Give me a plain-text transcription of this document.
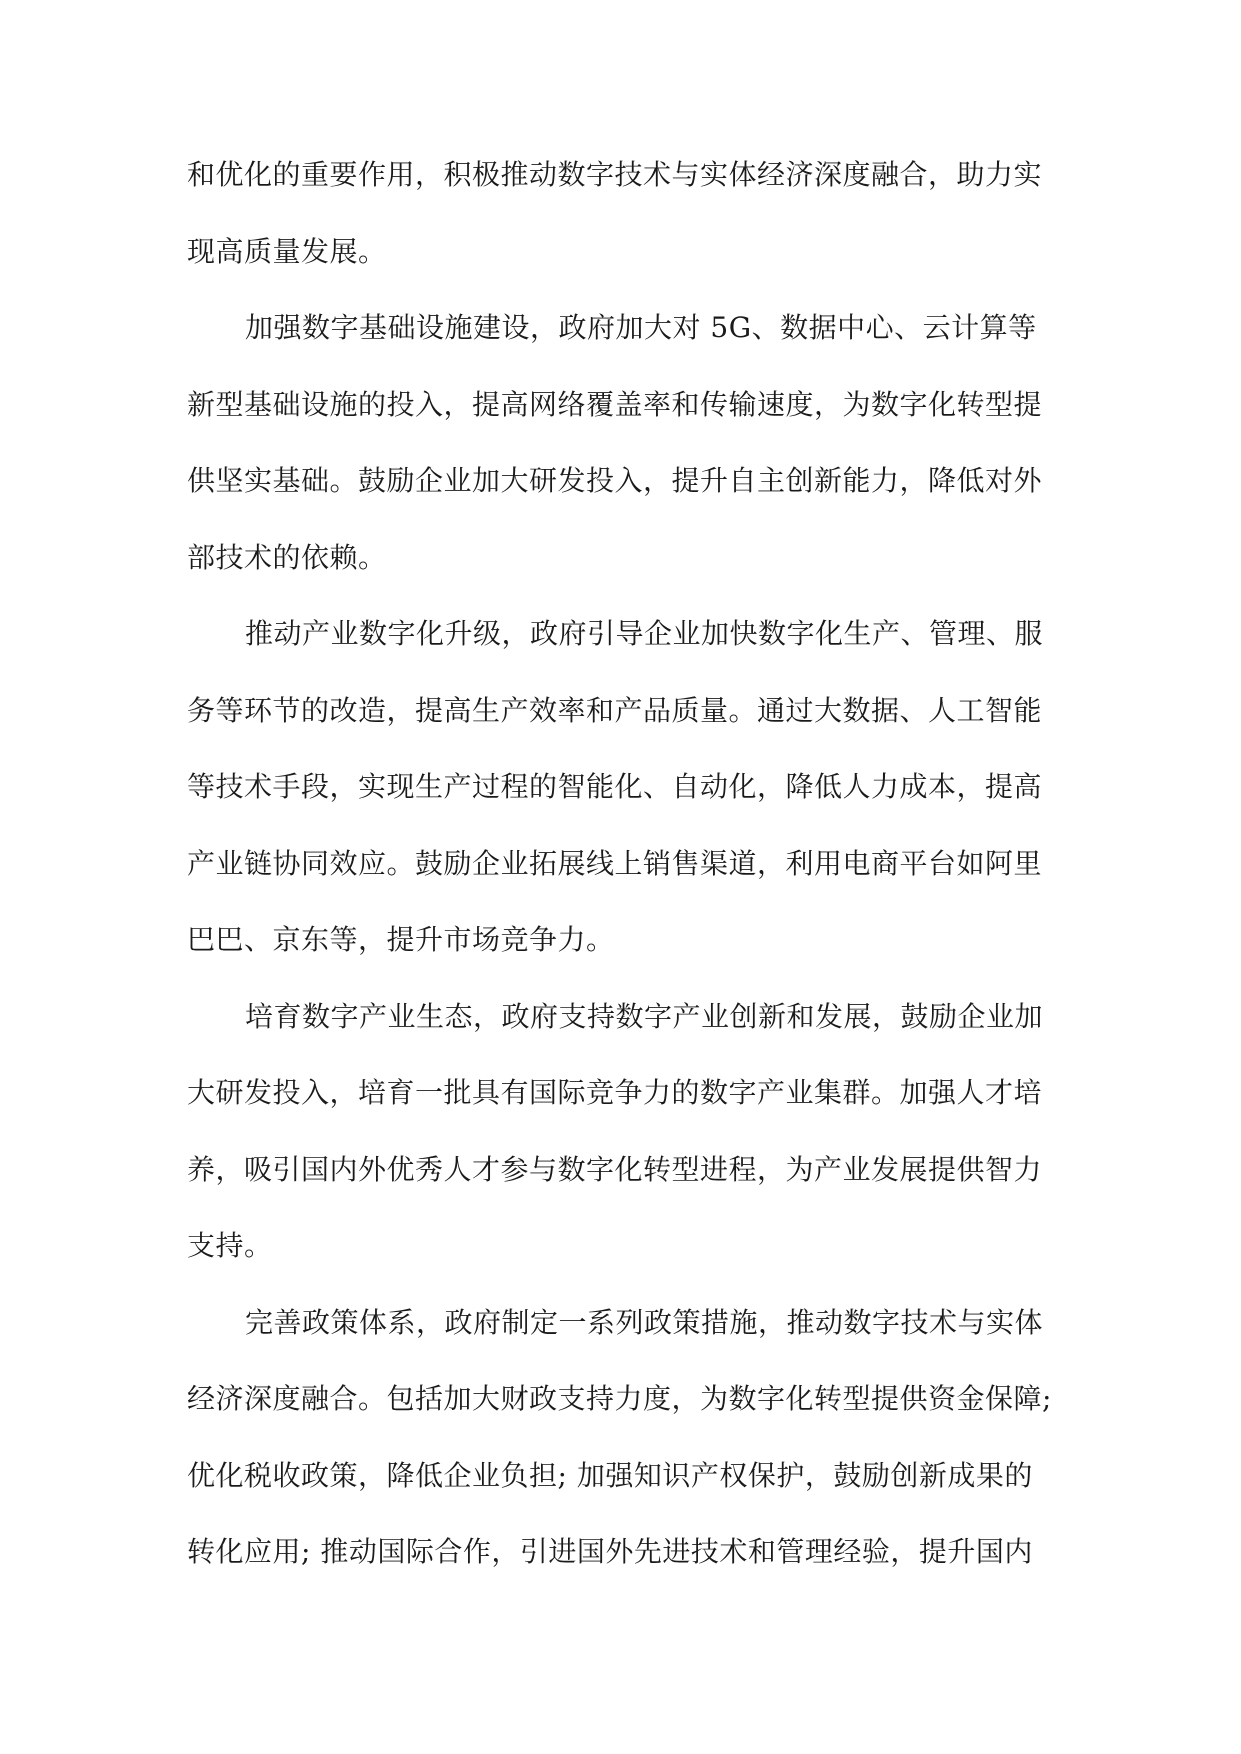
和优化的重要作用，积极推动数字技术与实体经济深度融合，助力实
现高质量发展。
加强数字基础设施建设，政府加大对 5G、数据中心、云计算等
新型基础设施的投入，提高网络覆盖率和传输速度，为数字化转型提
供坚实基础。鼓励企业加大研发投入，提升自主创新能力，降低对外
部技术的依赖。
推动产业数字化升级，政府引导企业加快数字化生产、管理、服
务等环节的改造，提高生产效率和产品质量。通过大数据、人工智能
等技术手段，实现生产过程的智能化、自动化，降低人力成本，提高
产业链协同效应。鼓励企业拓展线上销售渠道，利用电商平台如阿里
巴巴、京东等，提升市场竞争力。
培育数字产业生态，政府支持数字产业创新和发展，鼓励企业加
大研发投入，培育一批具有国际竞争力的数字产业集群。加强人才培
养，吸引国内外优秀人才参与数字化转型进程，为产业发展提供智力
支持。
完善政策体系，政府制定一系列政策措施，推动数字技术与实体
经济深度融合。包括加大财政支持力度，为数字化转型提供资金保障;
优化税收政策，降低企业负担; 加强知识产权保护，鼓励创新成果的
转化应用; 推动国际合作，引进国外先进技术和管理经验，提升国内
